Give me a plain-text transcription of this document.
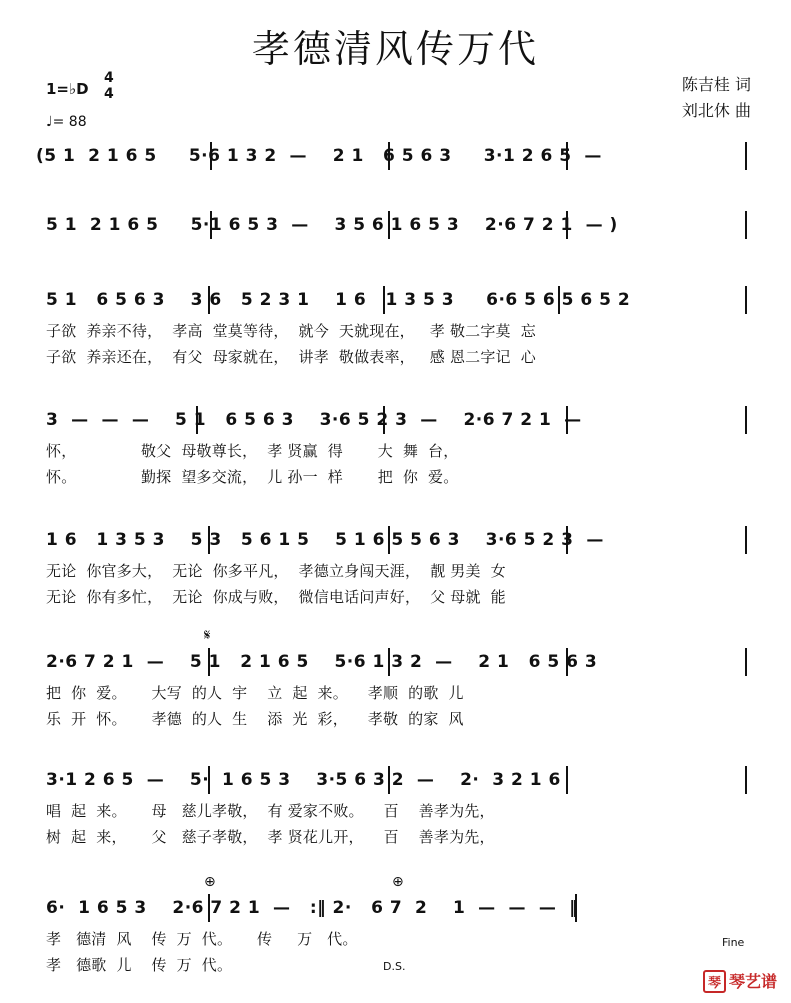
孝德清风传万代
1=♭D
4
4
♩= 88
陈吉桂 词
刘北休 曲
(5 1  2 1 6 5     5·6 1 3 2  —    2 1   6 5 6 3     3·1 2 6 5  —
5 1  2 1 6 5     5·1 6 5 3  —    3 5 6 1 6 5 3    2·6 7 2 1  — )
5 1   6 5 6 3    3 6   5 2 3 1    1 6   1 3 5 3     6·6 5 6 5 6 5 2
子欲  养亲不待，  孝高  堂莫等待，  就今  天就现在，   孝 敬二字莫  忘
子欲  养亲还在，  有父  母家就在，  讲孝  敬做表率，   感 恩二字记  心
3  —  —  —    5 1   6 5 6 3    3·6 5 2 3  —    2·6 7 2 1  —
怀，             敬父  母敬尊长，  孝 贤赢  得       大  舞  台，
怀。             勤探  望多交流，  儿 孙一  样       把  你  爱。
1 6   1 3 5 3    5 3   5 6 1 5    5 1 6 5 5 6 3    3·6 5 2 3  —
无论  你官多大，  无论  你多平凡，  孝德立身闯天涯，  靓 男美  女
无论  你有多忙，  无论  你成与败，  微信电话问声好，  父 母就  能
𝄋
2·6 7 2 1  —    5 1   2 1 6 5    5·6 1 3 2  —    2 1   6 5 6 3
把  你  爱。     大写  的人  宇    立  起  来。    孝顺  的歌  儿
乐  开  怀。     孝德  的人  生    添  光  彩，    孝敬  的家  风
3·1 2 6 5  —    5·  1 6 5 3    3·5 6 3 2  —    2·  3 2 1 6
唱  起  来。     母   慈儿孝敬，  有 爱家不败。    百    善孝为先，
树  起  来，     父   慈子孝敬，  孝 贤花儿开，    百    善孝为先，
⊕	⊕
6·  1 6 5 3    2·6 7 2 1  —   :‖ 2·   6 7  2    1  —  —  —  ‖
孝   德清  风    传  万  代。     传     万   代。
孝   德歌  儿    传  万  代。	D.S.
Fine
琴 琴艺谱
